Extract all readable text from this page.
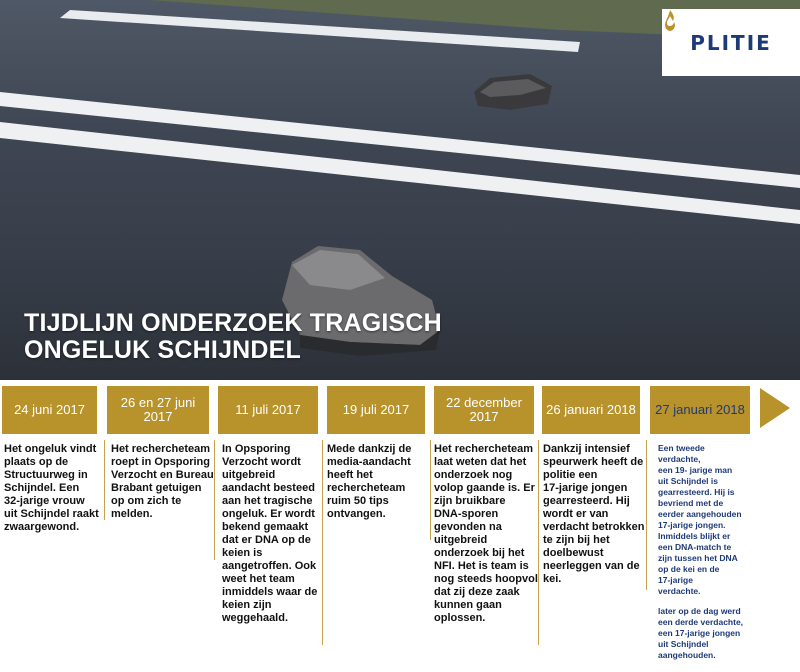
TIJDLIJN ONDERZOEK TRAGISCH
ONGELUK SCHIJNDEL
P LITIE
24 juni 2017	26 en 27 juni 2017	11 juli 2017	19 juli 2017	22 december 2017	26 januari 2018	27 januari 2018

Het ongeluk vindt
plaats op de
Structuurweg in
Schijndel. Een
32-jarige vrouw
uit Schijndel raakt
zwaargewond.

Het rechercheteam
roept in Opsporing
Verzocht en Bureau
Brabant getuigen
op om zich te
melden.

In Opsporing
Verzocht wordt
uitgebreid
aandacht besteed
aan het tragische
ongeluk. Er wordt
bekend gemaakt
dat er DNA op de
keien is
aangetroffen. Ook
weet het team
inmiddels waar de
keien zijn
weggehaald.

Mede dankzij de
media-aandacht
heeft het
rechercheteam
ruim 50 tips
ontvangen.

Het rechercheteam
laat weten dat het
onderzoek nog
volop gaande is. Er
zijn bruikbare
DNA-sporen
gevonden na
uitgebreid
onderzoek bij het
NFI. Het is team is
nog steeds hoopvol
dat zij deze zaak
kunnen gaan
oplossen.

Dankzij intensief
speurwerk heeft de
politie een
17-jarige jongen
gearresteerd. Hij
wordt er van
verdacht betrokken
te zijn bij het
doelbewust
neerleggen van de
kei.

Een tweede
verdachte,
een 19- jarige man
uit Schijndel is
gearresteerd. Hij is
bevriend met de
eerder aangehouden
17-jarige jongen.
Inmiddels blijkt er
een DNA-match te
zijn tussen het DNA
op de kei en de
17-jarige
verdachte.

later op de dag werd
een derde verdachte,
een 17-jarige jongen
uit Schijndel
aangehouden.
